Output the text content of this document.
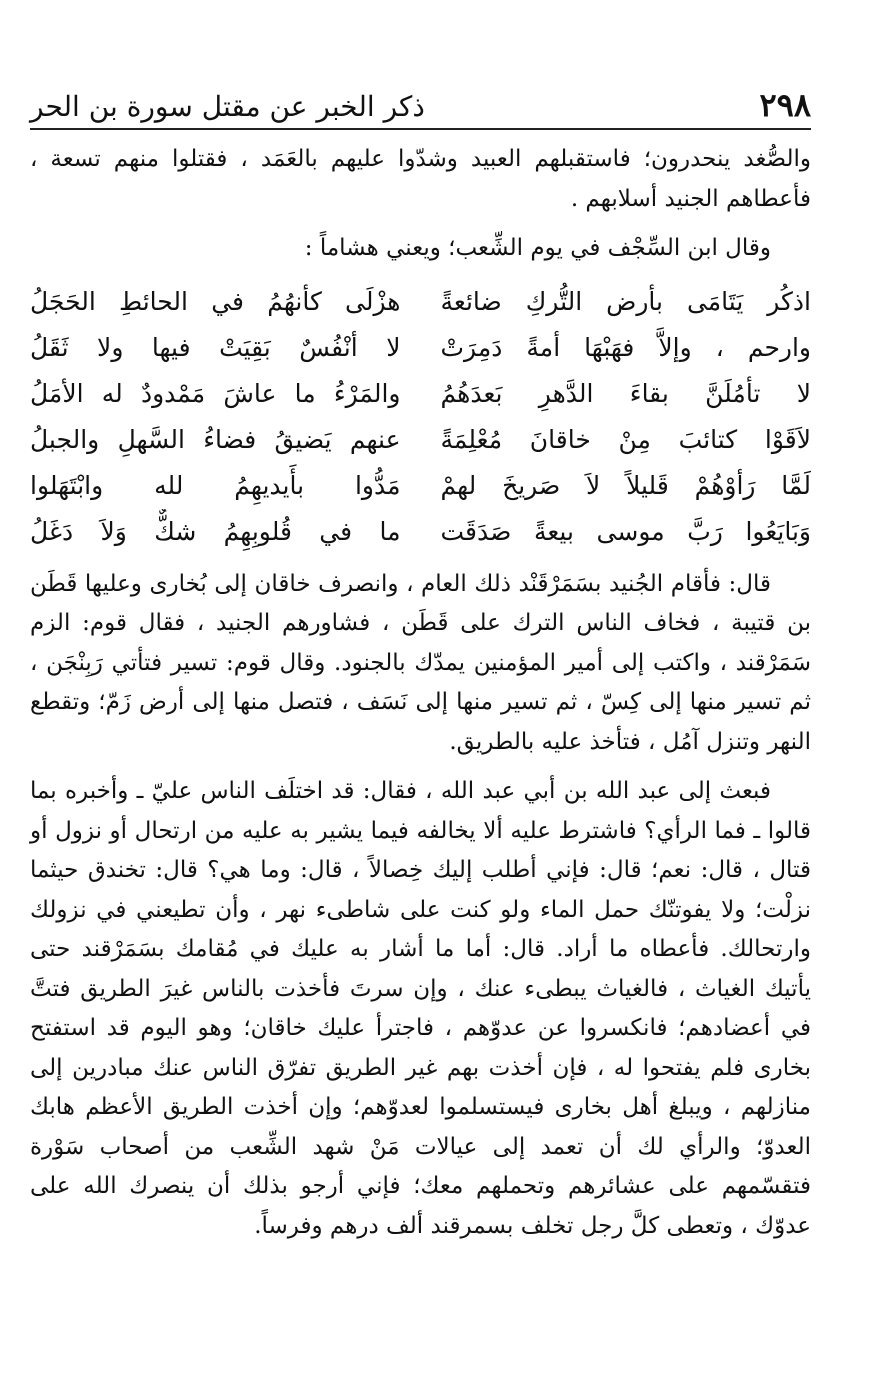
٢٩٨
ذكر الخبر عن مقتل سورة بن الحر

والصُّغد ينحدرون؛ فاستقبلهم العبيد وشدّوا عليهم بالعَمَد ، فقتلوا منهم تسعة ، فأعطاهم الجنيد أسلابهم .

وقال ابن السِّجْف في يوم الشِّعب؛ ويعني هشاماً :

اذكُر يَتَامَى بأرض التُّركِ ضائعةً
هزْلَى كأنهُمُ في الحائطِ الحَجَلُ
وارحم ، وإلاَّ فهَبْهَا أمةً دَمِرَتْ
لا أنْفُسٌ بَقِيَتْ فيها ولا ثَقَلُ
لا تأمُلَنَّ بقاءَ الدَّهرِ بَعدَهُمُ
والمَرْءُ ما عاشَ مَمْدودٌ له الأمَلُ
لاَقَوْا كتائبَ مِنْ خاقانَ مُعْلِمَةً
عنهم يَضيقُ فضاءُ السَّهلِ والجبلُ
لَمَّا رَأوْهُمْ قَليلاً لاَ صَريخَ لهمْ
مَدُّوا بأَيديهِمُ لله وابْتَهَلوا
وَبَايَعُوا رَبَّ موسى بيعةً صَدَقَت
ما في قُلوبِهِمُ شكٌّ وَلاَ دَغَلُ

قال: فأقام الجُنيد بسَمَرْقَنْد ذلك العام ، وانصرف خاقان إلى بُخارى وعليها قَطَن بن قتيبة ، فخاف الناس الترك على قَطَن ، فشاورهم الجنيد ، فقال قوم: الزم سَمَرْقند ، واكتب إلى أمير المؤمنين يمدّك بالجنود. وقال قوم: تسير فتأتي رَبِنْجَن ، ثم تسير منها إلى كِسّ ، ثم تسير منها إلى نَسَف ، فتصل منها إلى أرض زَمّ؛ وتقطع النهر وتنزل آمُل ، فتأخذ عليه بالطريق.

فبعث إلى عبد الله بن أبي عبد الله ، فقال: قد اختلَف الناس عليّ ـ وأخبره بما قالوا ـ فما الرأي؟ فاشترط عليه ألا يخالفه فيما يشير به عليه من ارتحال أو نزول أو قتال ، قال: نعم؛ قال: فإني أطلب إليك خِصالاً ، قال: وما هي؟ قال: تخندق حيثما نزلْت؛ ولا يفوتنّك حمل الماء ولو كنت على شاطىء نهر ، وأن تطيعني في نزولك وارتحالك. فأعطاه ما أراد. قال: أما ما أشار به عليك في مُقامك بسَمَرْقند حتى يأتيك الغياث ، فالغياث يبطىء عنك ، وإن سرتَ فأخذت بالناس غيرَ الطريق فتتَّ في أعضادهم؛ فانكسروا عن عدوّهم ، فاجترأ عليك خاقان؛ وهو اليوم قد استفتح بخارى فلم يفتحوا له ، فإن أخذت بهم غير الطريق تفرّق الناس عنك مبادرين إلى منازلهم ، ويبلغ أهل بخارى فيستسلموا لعدوّهم؛ وإن أخذت الطريق الأعظم هابك العدوّ؛ والرأي لك أن تعمد إلى عيالات مَنْ شهد الشِّعب من أصحاب سَوْرة فتقسّمهم على عشائرهم وتحملهم معك؛ فإني أرجو بذلك أن ينصرك الله على عدوّك ، وتعطى كلَّ رجل تخلف بسمرقند ألف درهم وفرساً.
